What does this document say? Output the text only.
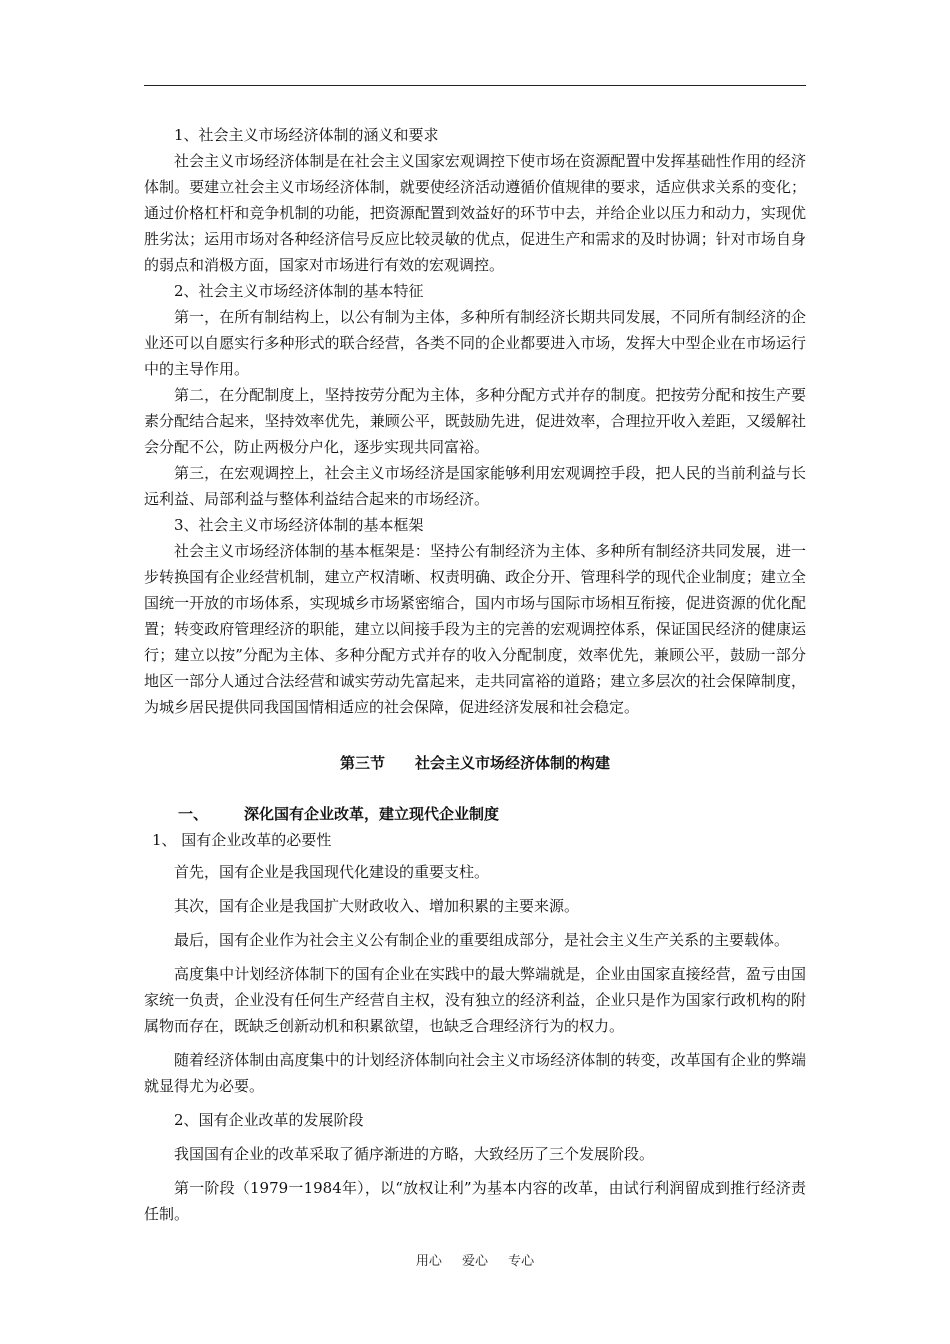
1、社会主义市场经济体制的涵义和要求

社会主义市场经济体制是在社会主义国家宏观调控下使市场在资源配置中发挥基础性作用的经济体制。要建立社会主义市场经济体制，就要使经济活动遵循价值规律的要求，适应供求关系的变化；通过价格杠杆和竞争机制的功能，把资源配置到效益好的环节中去，并给企业以压力和动力，实现优胜劣汰；运用市场对各种经济信号反应比较灵敏的优点，促进生产和需求的及时协调；针对市场自身的弱点和消极方面，国家对市场进行有效的宏观调控。

2、社会主义市场经济体制的基本特征

第一，在所有制结构上，以公有制为主体，多种所有制经济长期共同发展，不同所有制经济的企业还可以自愿实行多种形式的联合经营，各类不同的企业都要进入市场，发挥大中型企业在市场运行中的主导作用。

第二，在分配制度上，坚持按劳分配为主体，多种分配方式并存的制度。把按劳分配和按生产要素分配结合起来，坚持效率优先，兼顾公平，既鼓励先进，促进效率，合理拉开收入差距，又缓解社会分配不公，防止两极分户化，逐步实现共同富裕。

第三，在宏观调控上，社会主义市场经济是国家能够利用宏观调控手段，把人民的当前利益与长远利益、局部利益与整体利益结合起来的市场经济。

3、社会主义市场经济体制的基本框架

社会主义市场经济体制的基本框架是：坚持公有制经济为主体、多种所有制经济共同发展，进一步转换国有企业经营机制，建立产权清晰、权责明确、政企分开、管理科学的现代企业制度；建立全国统一开放的市场体系，实现城乡市场紧密缩合，国内市场与国际市场相互衔接，促进资源的优化配置；转变政府管理经济的职能，建立以间接手段为主的完善的宏观调控体系，保证国民经济的健康运行；建立以按”分配为主体、多种分配方式并存的收入分配制度，效率优先，兼顾公平，鼓励一部分地区一部分人通过合法经营和诚实劳动先富起来，走共同富裕的道路；建立多层次的社会保障制度，为城乡居民提供同我国国情相适应的社会保障，促进经济发展和社会稳定。

第三节 社会主义市场经济体制的构建
一、 深化国有企业改革，建立现代企业制度

1、 国有企业改革的必要性

首先，国有企业是我国现代化建设的重要支柱。

其次，国有企业是我国扩大财政收入、增加积累的主要来源。

最后，国有企业作为社会主义公有制企业的重要组成部分，是社会主义生产关系的主要载体。

高度集中计划经济体制下的国有企业在实践中的最大弊端就是，企业由国家直接经营，盈亏由国家统一负责，企业没有任何生产经营自主权，没有独立的经济利益，企业只是作为国家行政机构的附属物而存在，既缺乏创新动机和积累欲望，也缺乏合理经济行为的权力。

随着经济体制由高度集中的计划经济体制向社会主义市场经济体制的转变，改革国有企业的弊端就显得尤为必要。

2、国有企业改革的发展阶段

我国国有企业的改革采取了循序渐进的方略，大致经历了三个发展阶段。

第一阶段（1979一1984年），以“放权让利”为基本内容的改革，由试行利润留成到推行经济责任制。

用心 爱心 专心
